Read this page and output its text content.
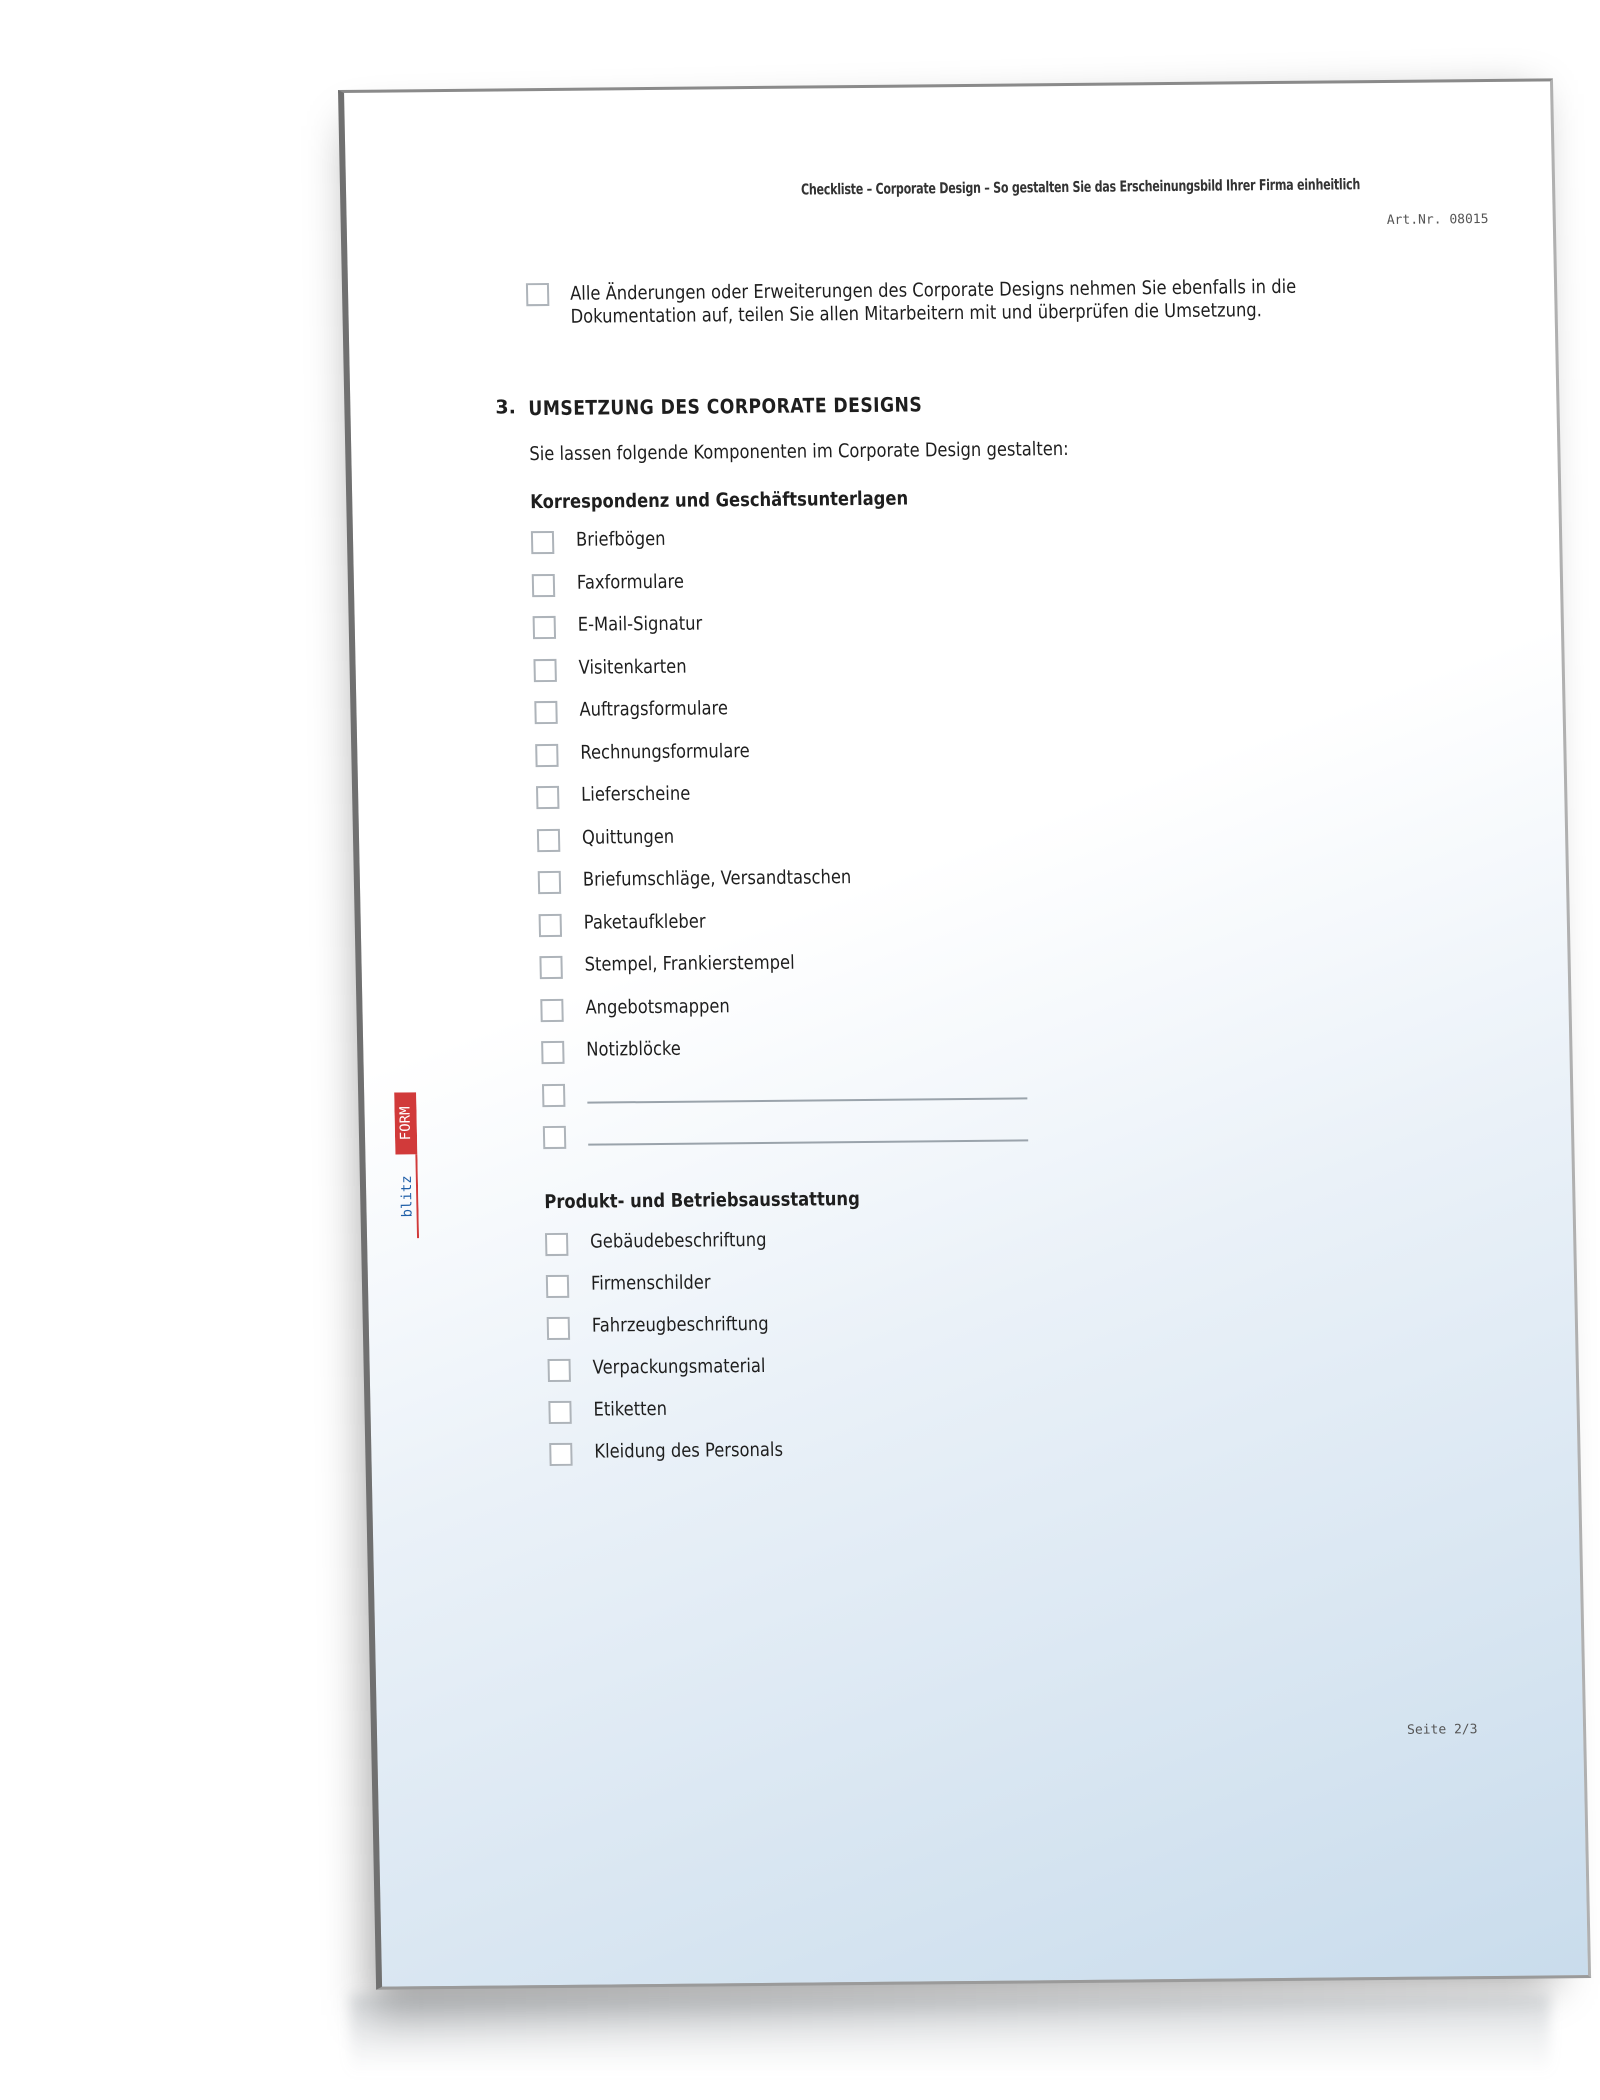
Checkliste – Corporate Design – So gestalten Sie das Erscheinungsbild Ihrer Firma einheitlich
Art.Nr. 08015
Alle Änderungen oder Erweiterungen des Corporate Designs nehmen Sie ebenfalls in die Dokumentation auf, teilen Sie allen Mitarbeitern mit und überprüfen die Umsetzung.
3. UMSETZUNG DES CORPORATE DESIGNS
Sie lassen folgende Komponenten im Corporate Design gestalten:
Korrespondenz und Geschäftsunterlagen
Briefbögen
Faxformulare
E-Mail-Signatur
Visitenkarten
Auftragsformulare
Rechnungsformulare
Lieferscheine
Quittungen
Briefumschläge, Versandtaschen
Paketaufkleber
Stempel, Frankierstempel
Angebotsmappen
Notizblöcke
Produkt- und Betriebsausstattung
Gebäudebeschriftung
Firmenschilder
Fahrzeugbeschriftung
Verpackungsmaterial
Etiketten
Kleidung des Personals
FORM
blitz
Seite 2/3
